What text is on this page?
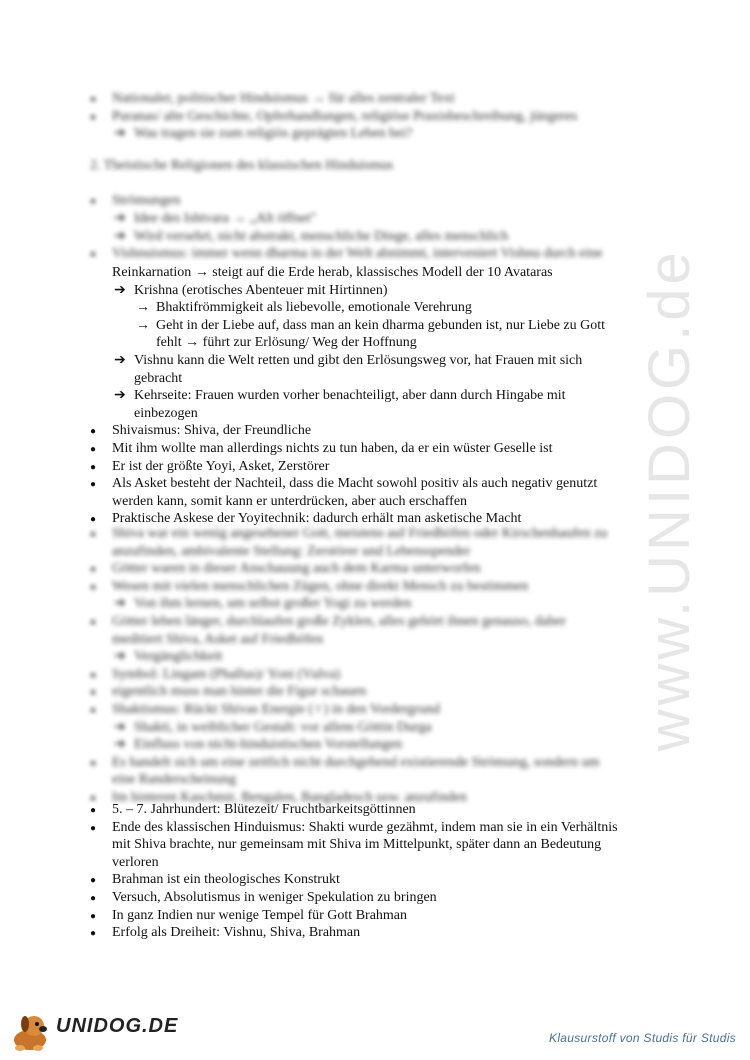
www.UNIDOG.de
● Nationaler, politischer Hinduismus → für alles zentraler Text
● Puranas/ alte Geschichte, Opferhandlungen, religiöse Praxisbeschreibung, jüngeres
➔ Was tragen sie zum religiös geprägten Leben bei?
2. Theistische Religionen des klassischen Hinduismus
● Strömungen
➔ Idee des Ishtvara → „Alt öffnet"
➔ Wird versehrt, nicht abstrakt, menschliche Dinge, alles menschlich
● Vishnuismus: immer wenn dharma in der Welt abnimmt, interveniert Vishnu durch eine
Reinkarnation → steigt auf die Erde herab, klassisches Modell der 10 Avataras
➔ Krishna (erotisches Abenteuer mit Hirtinnen)
→ Bhaktifrömmigkeit als liebevolle, emotionale Verehrung
→ Geht in der Liebe auf, dass man an kein dharma gebunden ist, nur Liebe zu Gott
fehlt → führt zur Erlösung/ Weg der Hoffnung
➔ Vishnu kann die Welt retten und gibt den Erlösungsweg vor, hat Frauen mit sich
gebracht
➔ Kehrseite: Frauen wurden vorher benachteiligt, aber dann durch Hingabe mit
einbezogen
● Shivaismus: Shiva, der Freundliche
● Mit ihm wollte man allerdings nichts zu tun haben, da er ein wüster Geselle ist
● Er ist der größte Yoyi, Asket, Zerstörer
● Als Asket besteht der Nachteil, dass die Macht sowohl positiv als auch negativ genutzt
werden kann, somit kann er unterdrücken, aber auch erschaffen
● Praktische Askese der Yoyitechnik: dadurch erhält man asketische Macht
● Shiva war ein wenig angesehener Gott, meistens auf Friedhöfen oder Kirschenhaufen zu
anzufinden, ambivalente Stellung: Zerstörer und Lebensspender
● Götter waren in dieser Anschauung auch dem Karma unterworfen
● Wesen mit vielen menschlichen Zügen, ohne direkt Mensch zu bestimmen
➔ Von ihm lernen, um selbst großer Yogi zu werden
● Götter leben länger, durchlaufen große Zyklen, alles gehört ihnen genauso, daher
meditiert Shiva, Asket auf Friedhöfen
➔ Vergänglichkeit
● Symbol: Lingam (Phallus)/ Yoni (Vulva)
● eigentlich muss man hinter die Figur schauen
● Shaktismus: Rückt Shivas Energie (♀) in den Vordergrund
➔ Shakti, in weiblicher Gestalt: vor allem Göttin Durga
➔ Einfluss von nicht-hinduistischen Vorstellungen
● Es handelt sich um eine zeitlich nicht durchgehend existierende Strömung, sondern um
eine Randerscheinung
● Im hinteren Kaschmir, Bengalen, Bangladesch usw. anzufinden
● 5. – 7. Jahrhundert: Blütezeit/ Fruchtbarkeitsgöttinnen
● Ende des klassischen Hinduismus: Shakti wurde gezähmt, indem man sie in ein Verhältnis
mit Shiva brachte, nur gemeinsam mit Shiva im Mittelpunkt, später dann an Bedeutung
verloren
● Brahman ist ein theologisches Konstrukt
● Versuch, Absolutismus in weniger Spekulation zu bringen
● In ganz Indien nur wenige Tempel für Gott Brahman
● Erfolg als Dreiheit: Vishnu, Shiva, Brahman
UNIDOG.DE
Klausurstoff von Studis für Studis
